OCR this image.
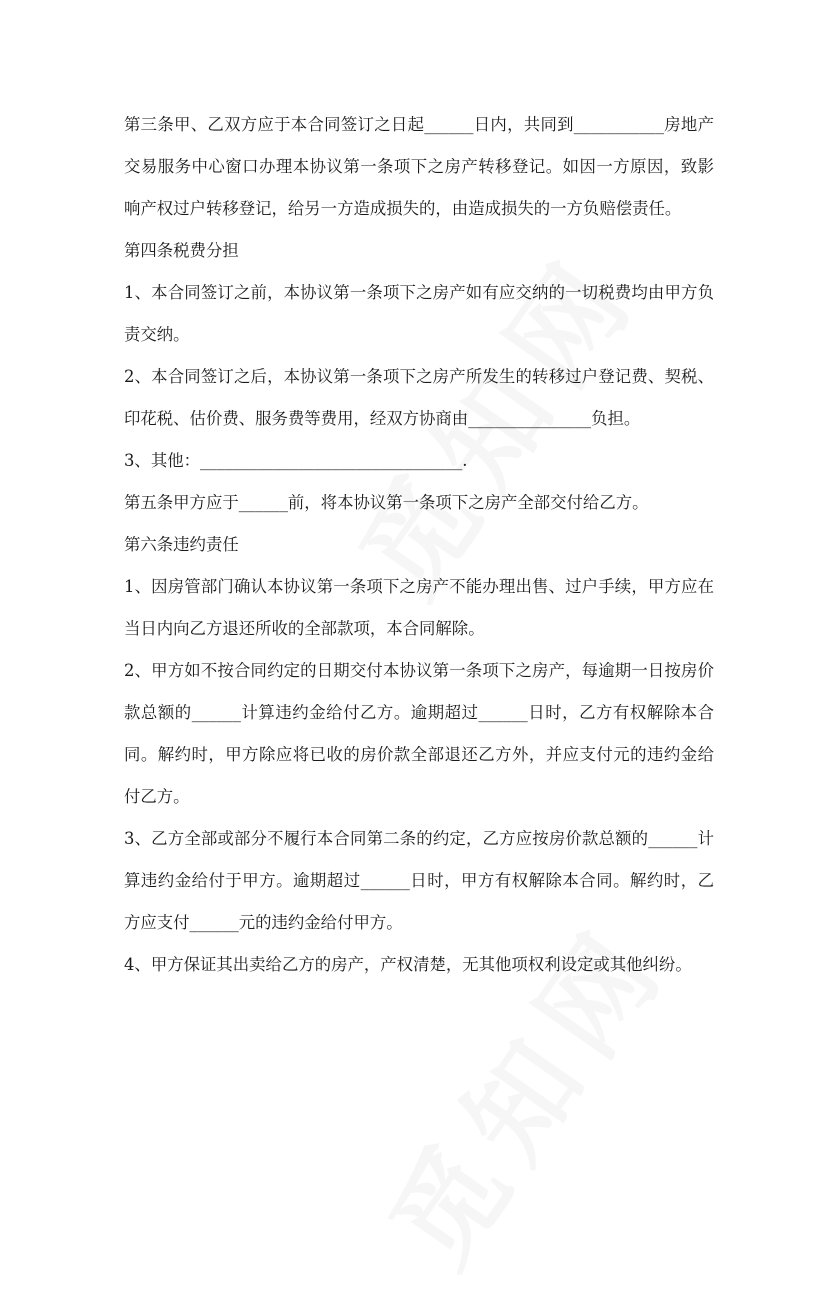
第三条甲、乙双方应于本合同签订之日起______日内，共同到___________房地产交易服务中心窗口办理本协议第一条项下之房产转移登记。如因一方原因，致影响产权过户转移登记，给另一方造成损失的，由造成损失的一方负赔偿责任。

第四条税费分担

1、本合同签订之前，本协议第一条项下之房产如有应交纳的一切税费均由甲方负责交纳。

2、本合同签订之后，本协议第一条项下之房产所发生的转移过户登记费、契税、印花税、估价费、服务费等费用，经双方协商由_______________负担。

3、其他：________________________________.

第五条甲方应于______前，将本协议第一条项下之房产全部交付给乙方。

第六条违约责任

1、因房管部门确认本协议第一条项下之房产不能办理出售、过户手续，甲方应在当日内向乙方退还所收的全部款项，本合同解除。

2、甲方如不按合同约定的日期交付本协议第一条项下之房产，每逾期一日按房价款总额的______计算违约金给付乙方。逾期超过______日时，乙方有权解除本合同。解约时，甲方除应将已收的房价款全部退还乙方外，并应支付元的违约金给付乙方。

3、乙方全部或部分不履行本合同第二条的约定，乙方应按房价款总额的______计算违约金给付于甲方。逾期超过______日时，甲方有权解除本合同。解约时，乙方应支付______元的违约金给付甲方。

4、甲方保证其出卖给乙方的房产，产权清楚，无其他项权利设定或其他纠纷。
